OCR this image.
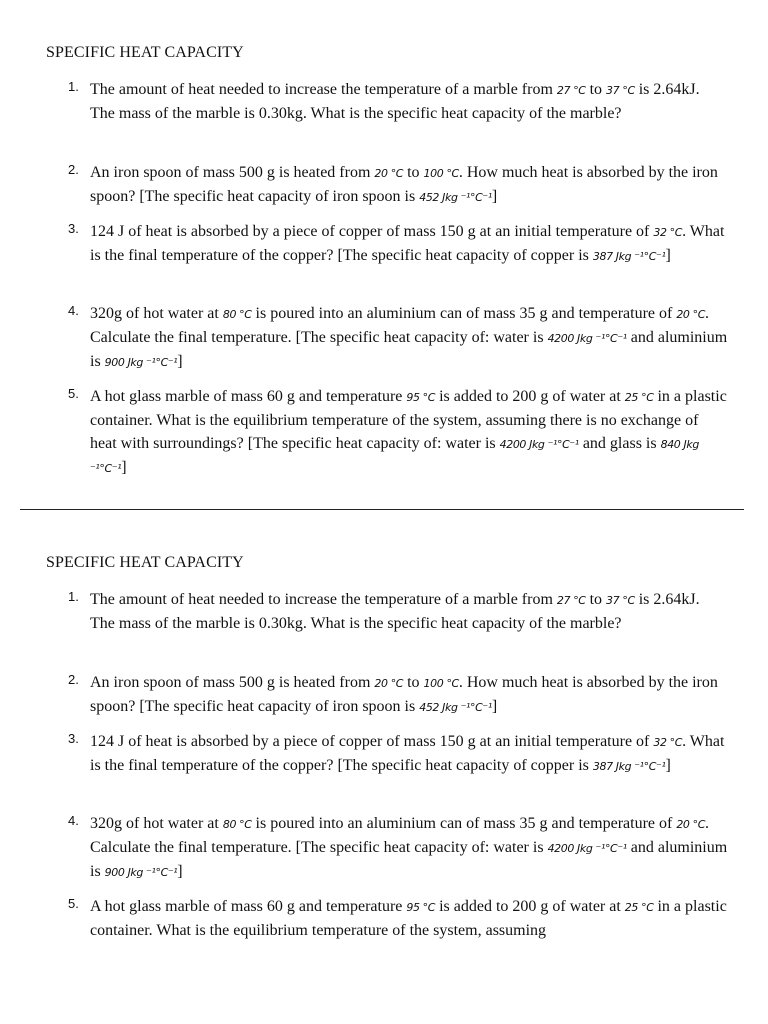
SPECIFIC HEAT CAPACITY
1. The amount of heat needed to increase the temperature of a marble from 27 °C to 37 °C is 2.64kJ. The mass of the marble is 0.30kg. What is the specific heat capacity of the marble?

2. An iron spoon of mass 500 g is heated from 20 °C to 100 °C. How much heat is absorbed by the iron spoon? [The specific heat capacity of iron spoon is 452 Jkg ⁻¹°C⁻¹]

3. 124 J of heat is absorbed by a piece of copper of mass 150 g at an initial temperature of 32 °C. What is the final temperature of the copper? [The specific heat capacity of copper is 387 Jkg ⁻¹°C⁻¹]

4. 320g of hot water at 80 °C is poured into an aluminium can of mass 35 g and temperature of 20 °C. Calculate the final temperature. [The specific heat capacity of: water is 4200 Jkg ⁻¹°C⁻¹ and aluminium is 900 Jkg ⁻¹°C⁻¹]

5. A hot glass marble of mass 60 g and temperature 95 °C is added to 200 g of water at 25 °C in a plastic container. What is the equilibrium temperature of the system, assuming there is no exchange of heat with surroundings? [The specific heat capacity of: water is 4200 Jkg ⁻¹°C⁻¹ and glass is 840 Jkg ⁻¹°C⁻¹]

SPECIFIC HEAT CAPACITY
1. The amount of heat needed to increase the temperature of a marble from 27 °C to 37 °C is 2.64kJ. The mass of the marble is 0.30kg. What is the specific heat capacity of the marble?

2. An iron spoon of mass 500 g is heated from 20 °C to 100 °C. How much heat is absorbed by the iron spoon? [The specific heat capacity of iron spoon is 452 Jkg ⁻¹°C⁻¹]

3. 124 J of heat is absorbed by a piece of copper of mass 150 g at an initial temperature of 32 °C. What is the final temperature of the copper? [The specific heat capacity of copper is 387 Jkg ⁻¹°C⁻¹]

4. 320g of hot water at 80 °C is poured into an aluminium can of mass 35 g and temperature of 20 °C. Calculate the final temperature. [The specific heat capacity of: water is 4200 Jkg ⁻¹°C⁻¹ and aluminium is 900 Jkg ⁻¹°C⁻¹]

5. A hot glass marble of mass 60 g and temperature 95 °C is added to 200 g of water at 25 °C in a plastic container. What is the equilibrium temperature of the system, assuming
